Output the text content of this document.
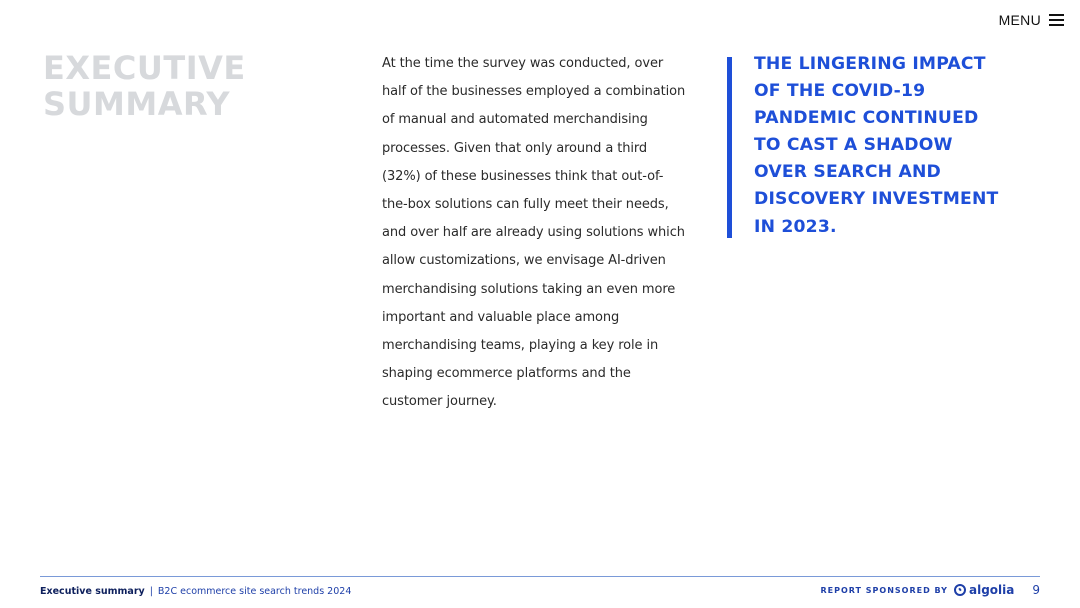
MENU
EXECUTIVE
SUMMARY

At the time the survey was conducted, over half of the businesses employed a combination of manual and automated merchandising processes. Given that only around a third (32%) of these businesses think that out-of-the-box solutions can fully meet their needs, and over half are already using solutions which allow customizations, we envisage AI-driven merchandising solutions taking an even more important and valuable place among merchandising teams, playing a key role in shaping ecommerce platforms and the customer journey.

THE LINGERING IMPACT OF THE COVID-19 PANDEMIC CONTINUED TO CAST A SHADOW OVER SEARCH AND DISCOVERY INVESTMENT IN 2023.

Executive summary | B2C ecommerce site search trends 2024	REPORT SPONSORED BY algolia 9
